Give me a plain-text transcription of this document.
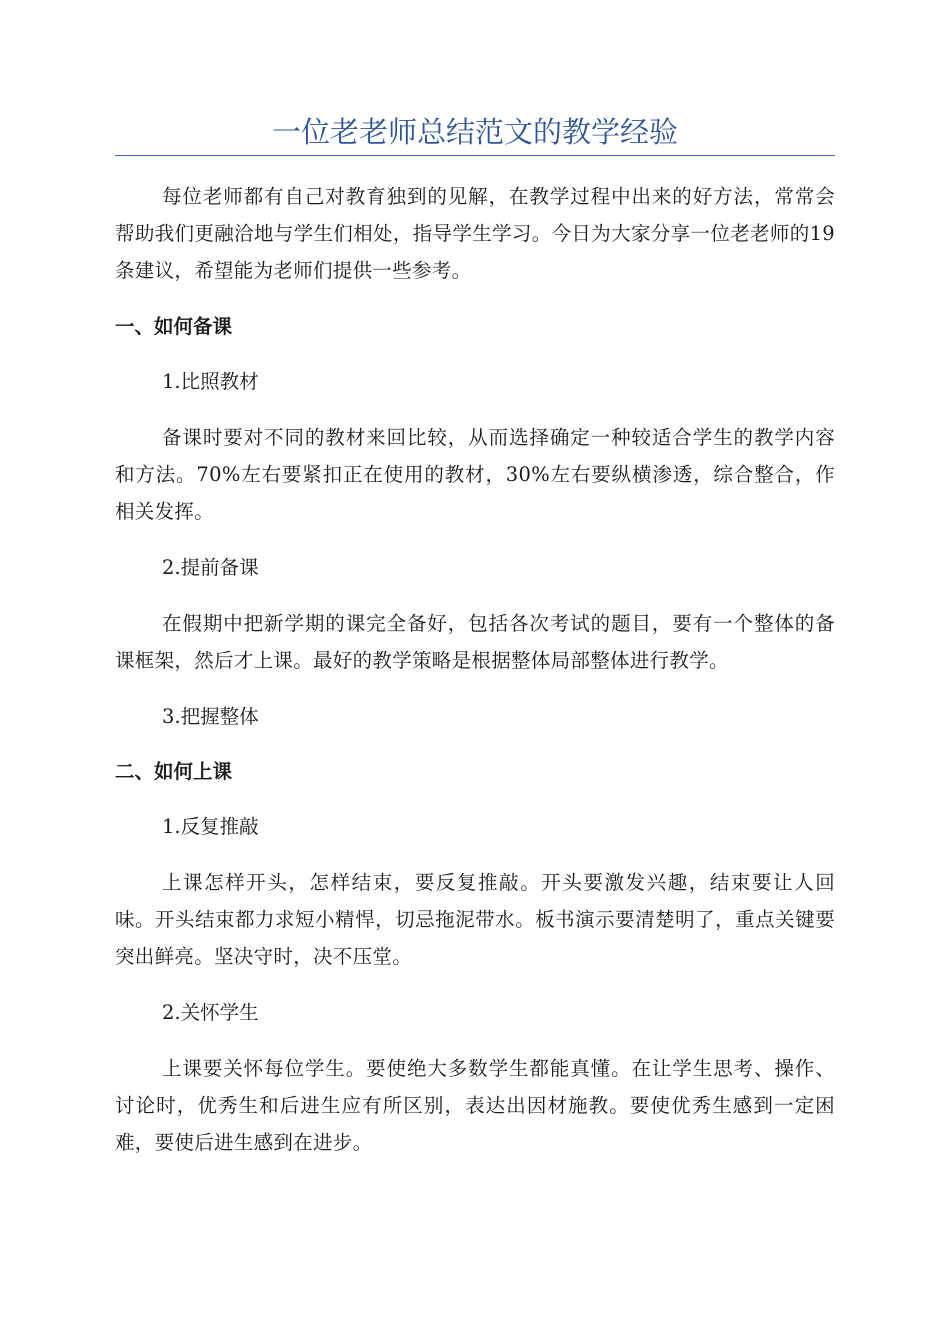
一位老老师总结范文的教学经验

每位老师都有自己对教育独到的见解，在教学过程中出来的好方法，常常会帮助我们更融洽地与学生们相处，指导学生学习。今日为大家分享一位老老师的19条建议，希望能为老师们提供一些参考。

一、如何备课
1.比照教材

备课时要对不同的教材来回比较，从而选择确定一种较适合学生的教学内容和方法。70%左右要紧扣正在使用的教材，30%左右要纵横渗透，综合整合，作相关发挥。

2.提前备课

在假期中把新学期的课完全备好，包括各次考试的题目，要有一个整体的备课框架，然后才上课。最好的教学策略是根据整体局部整体进行教学。

3.把握整体
二、如何上课
1.反复推敲

上课怎样开头，怎样结束，要反复推敲。开头要激发兴趣，结束要让人回味。开头结束都力求短小精悍，切忌拖泥带水。板书演示要清楚明了，重点关键要突出鲜亮。坚决守时，决不压堂。

2.关怀学生

上课要关怀每位学生。要使绝大多数学生都能真懂。在让学生思考、操作、讨论时，优秀生和后进生应有所区别，表达出因材施教。要使优秀生感到一定困难，要使后进生感到在进步。
